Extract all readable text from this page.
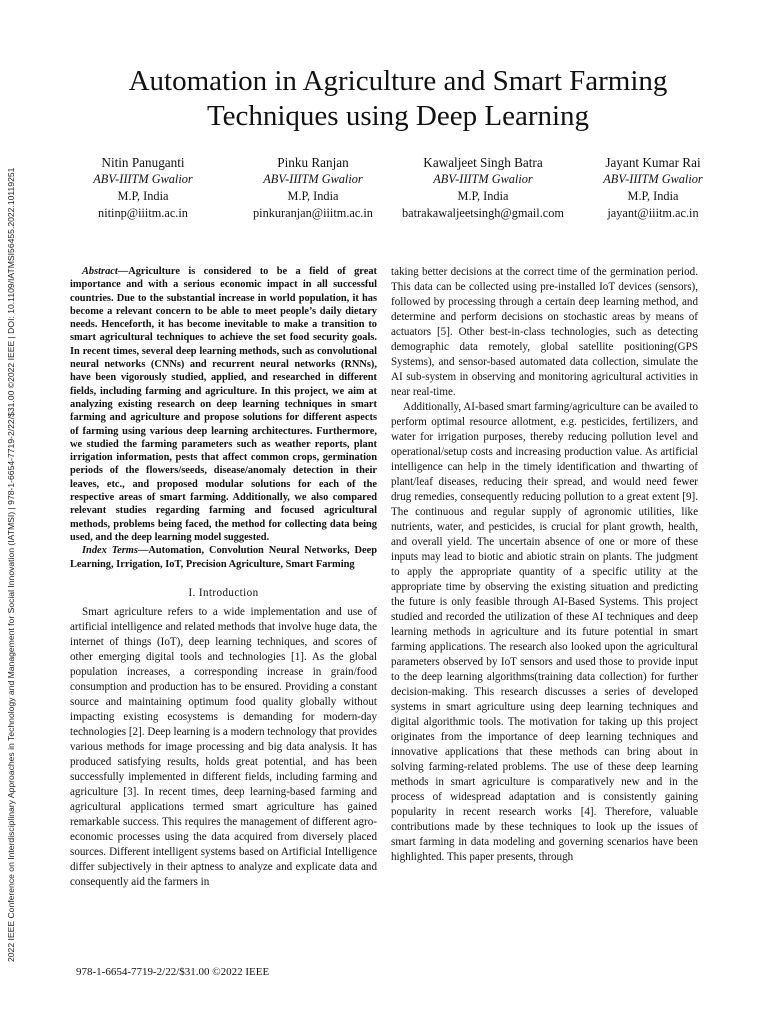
2022 IEEE Conference on Interdisciplinary Approaches in Technology and Management for Social Innovation (IATMSI) | 978-1-6654-7719-2/22/$31.00 ©2022 IEEE | DOI: 10.1109/IATMSI56455.2022.10119251
Automation in Agriculture and Smart Farming
Techniques using Deep Learning
Nitin Panuganti
ABV-IIITM Gwalior
M.P, India
nitinp@iiitm.ac.in
Pinku Ranjan
ABV-IIITM Gwalior
M.P, India
pinkuranjan@iiitm.ac.in
Kawaljeet Singh Batra
ABV-IIITM Gwalior
M.P, India
batrakawaljeetsingh@gmail.com
Jayant Kumar Rai
ABV-IIITM Gwalior
M.P, India
jayant@iiitm.ac.in

Abstract—Agriculture is considered to be a field of great importance and with a serious economic impact in all successful countries. Due to the substantial increase in world population, it has become a relevant concern to be able to meet people’s daily dietary needs. Henceforth, it has become inevitable to make a transition to smart agricultural techniques to achieve the set food security goals. In recent times, several deep learning methods, such as convolutional neural networks (CNNs) and recurrent neural networks (RNNs), have been vigorously studied, applied, and researched in different fields, including farming and agriculture. In this project, we aim at analyzing existing research on deep learning techniques in smart farming and agriculture and propose solutions for different aspects of farming using various deep learning architectures. Furthermore, we studied the farming parameters such as weather reports, plant irrigation information, pests that affect common crops, germination periods of the flowers/seeds, disease/anomaly detection in their leaves, etc., and proposed modular solutions for each of the respective areas of smart farming. Additionally, we also compared relevant studies regarding farming and focused agricultural methods, problems being faced, the method for collecting data being used, and the deep learning model suggested.

Index Terms—Automation, Convolution Neural Networks, Deep Learning, Irrigation, IoT, Precision Agriculture, Smart Farming

I. Introduction

Smart agriculture refers to a wide implementation and use of artificial intelligence and related methods that involve huge data, the internet of things (IoT), deep learning techniques, and scores of other emerging digital tools and technologies [1]. As the global population increases, a corresponding increase in grain/food consumption and production has to be ensured. Providing a constant source and maintaining optimum food quality globally without impacting existing ecosystems is demanding for modern-day technologies [2]. Deep learning is a modern technology that provides various methods for image processing and big data analysis. It has produced satisfying results, holds great potential, and has been successfully implemented in different fields, including farming and agriculture [3]. In recent times, deep learning-based farming and agricultural applications termed smart agriculture has gained remarkable success. This requires the management of different agro-economic processes using the data acquired from diversely placed sources. Different intelligent systems based on Artificial Intelligence differ subjectively in their aptness to analyze and explicate data and consequently aid the farmers in

taking better decisions at the correct time of the germination period. This data can be collected using pre-installed IoT devices (sensors), followed by processing through a certain deep learning method, and determine and perform decisions on stochastic areas by means of actuators [5]. Other best-in-class technologies, such as detecting demographic data remotely, global satellite positioning(GPS Systems), and sensor-based automated data collection, simulate the AI sub-system in observing and monitoring agricultural activities in near real-time.

Additionally, AI-based smart farming/agriculture can be availed to perform optimal resource allotment, e.g. pesticides, fertilizers, and water for irrigation purposes, thereby reducing pollution level and operational/setup costs and increasing production value. As artificial intelligence can help in the timely identification and thwarting of plant/leaf diseases, reducing their spread, and would need fewer drug remedies, consequently reducing pollution to a great extent [9]. The continuous and regular supply of agronomic utilities, like nutrients, water, and pesticides, is crucial for plant growth, health, and overall yield. The uncertain absence of one or more of these inputs may lead to biotic and abiotic strain on plants. The judgment to apply the appropriate quantity of a specific utility at the appropriate time by observing the existing situation and predicting the future is only feasible through AI-Based Systems. This project studied and recorded the utilization of these AI techniques and deep learning methods in agriculture and its future potential in smart farming applications. The research also looked upon the agricultural parameters observed by IoT sensors and used those to provide input to the deep learning algorithms(training data collection) for further decision-making. This research discusses a series of developed systems in smart agriculture using deep learning techniques and digital algorithmic tools. The motivation for taking up this project originates from the importance of deep learning techniques and innovative applications that these methods can bring about in solving farming-related problems. The use of these deep learning methods in smart agriculture is comparatively new and in the process of widespread adaptation and is consistently gaining popularity in recent research works [4]. Therefore, valuable contributions made by these techniques to look up the issues of smart farming in data modeling and governing scenarios have been highlighted. This paper presents, through

978-1-6654-7719-2/22/$31.00 ©2022 IEEE
